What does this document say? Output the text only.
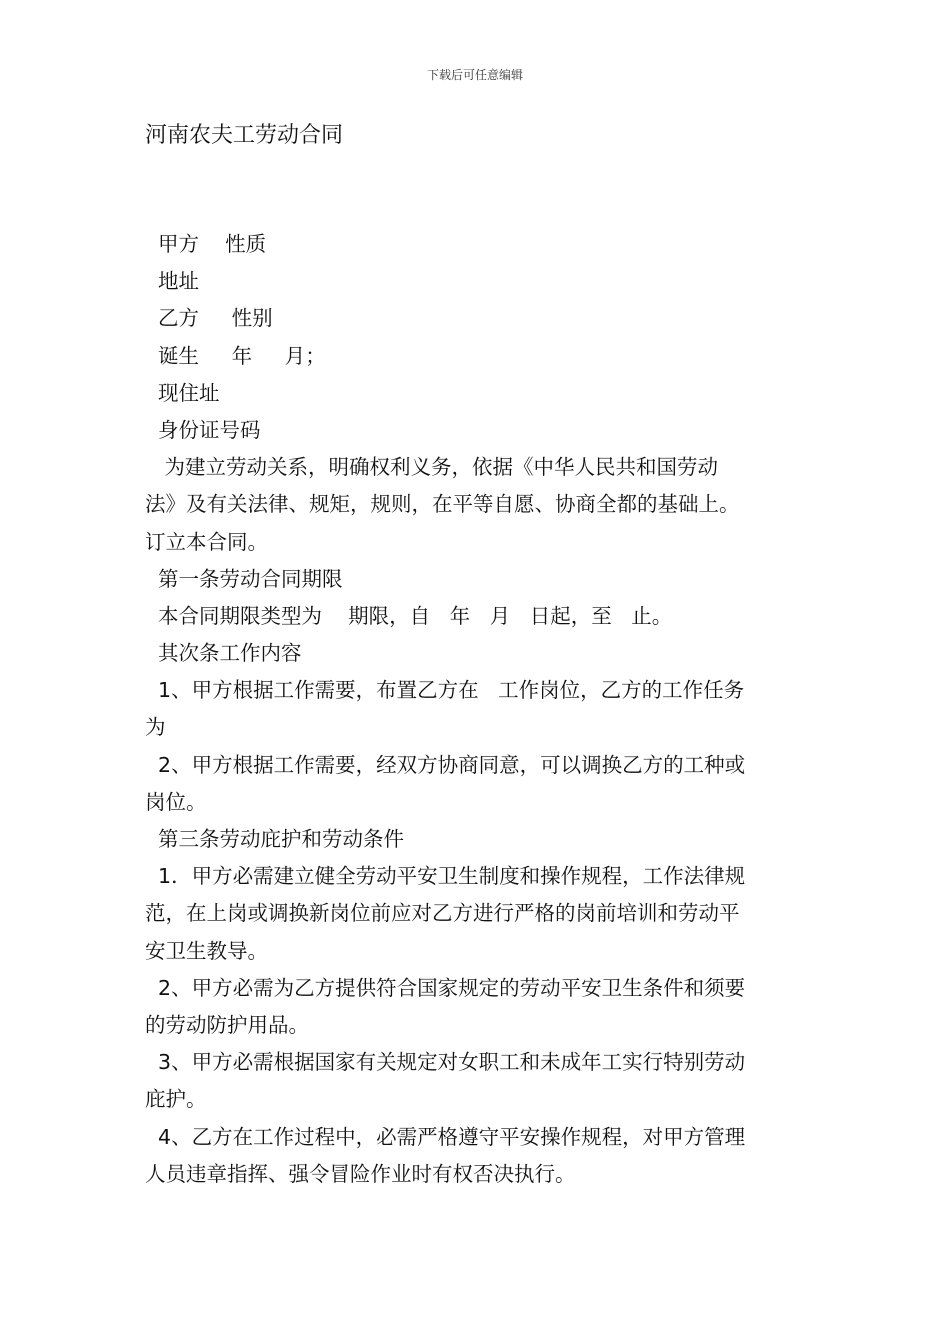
下载后可任意编辑
河南农夫工劳动合同
甲方    性质
地址
乙方     性别
诞生     年     月；
现住址
身份证号码
为建立劳动关系，明确权利义务，依据《中华人民共和国劳动
法》及有关法律、规矩，规则，在平等自愿、协商全都的基础上。
订立本合同。
第一条劳动合同期限
本合同期限类型为    期限，自   年   月   日起，至   止。
其次条工作内容
1、甲方根据工作需要，布置乙方在   工作岗位，乙方的工作任务
为
2、甲方根据工作需要，经双方协商同意，可以调换乙方的工种或
岗位。
第三条劳动庇护和劳动条件
1．甲方必需建立健全劳动平安卫生制度和操作规程，工作法律规
范，在上岗或调换新岗位前应对乙方进行严格的岗前培训和劳动平
安卫生教导。
2、甲方必需为乙方提供符合国家规定的劳动平安卫生条件和须要
的劳动防护用品。
3、甲方必需根据国家有关规定对女职工和未成年工实行特别劳动
庇护。
4、乙方在工作过程中，必需严格遵守平安操作规程，对甲方管理
人员违章指挥、强令冒险作业时有权否决执行。
